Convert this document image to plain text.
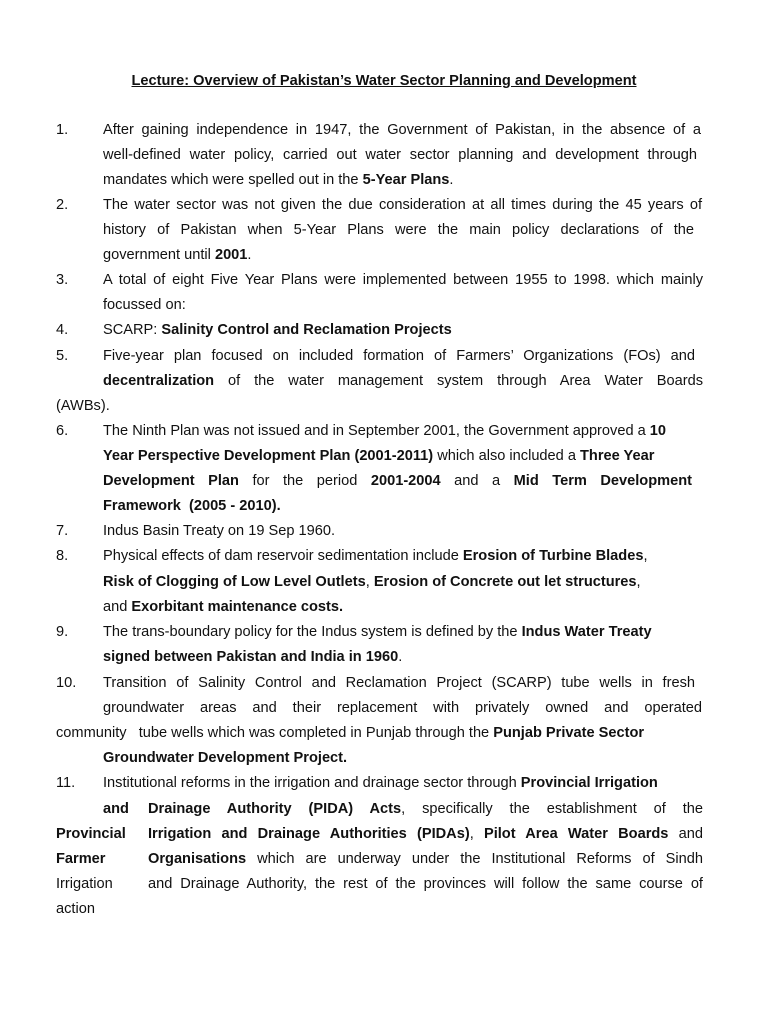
Lecture: Overview of Pakistan’s Water Sector Planning and Development
1. After gaining independence in 1947, the Government of Pakistan, in the absence of a
well-defined water policy, carried out water sector planning and development through
mandates which were spelled out in the 5-Year Plans.
2. The water sector was not given the due consideration at all times during the 45 years of
history of Pakistan when 5-Year Plans were the main policy declarations of the
government until 2001.
3. A total of eight Five Year Plans were implemented between 1955 to 1998. which mainly
focussed on:
4. SCARP: Salinity Control and Reclamation Projects
5. Five-year plan focused on included formation of Farmers’ Organizations (FOs) and
decentralization of the water management system through Area Water Boards
(AWBs).
6. The Ninth Plan was not issued and in September 2001, the Government approved a 10
Year Perspective Development Plan (2001-2011) which also included a Three Year
Development Plan for the period 2001-2004 and a Mid Term Development
Framework  (2005 - 2010).
7. Indus Basin Treaty on 19 Sep 1960.
8. Physical effects of dam reservoir sedimentation include Erosion of Turbine Blades,
Risk of Clogging of Low Level Outlets, Erosion of Concrete out let structures,
and Exorbitant maintenance costs.
9. The trans-boundary policy for the Indus system is defined by the Indus Water Treaty
signed between Pakistan and India in 1960.
10. Transition of Salinity Control and Reclamation Project (SCARP) tube wells in fresh
groundwater areas and their replacement with privately owned and operated
community   tube wells which was completed in Punjab through the Punjab Private Sector
Groundwater Development Project.
11. Institutional reforms in the irrigation and drainage sector through Provincial Irrigation
and Drainage Authority (PIDA) Acts, specifically the establishment of the
Provincial Irrigation and Drainage Authorities (PIDAs), Pilot Area Water Boards and
Farmer	Organisations which are underway under the Institutional Reforms of Sindh
Irrigation and Drainage Authority, the rest of the provinces will follow the same course of
action
